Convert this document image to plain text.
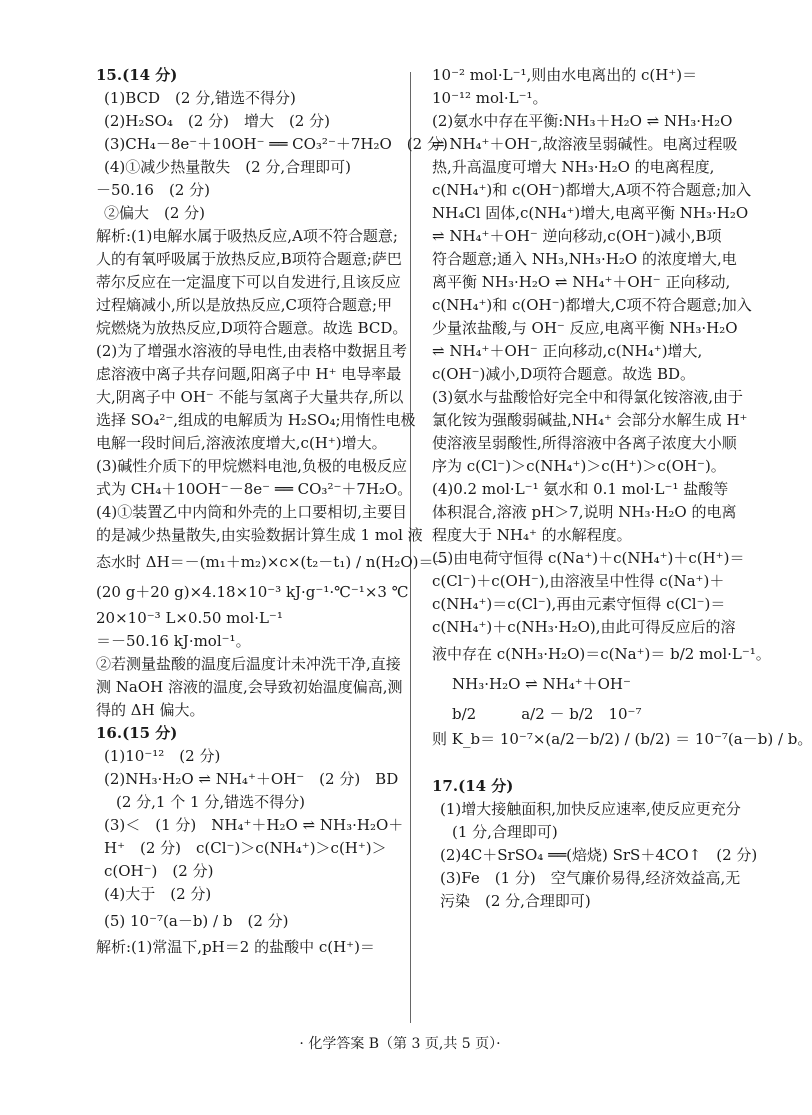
15.(14 分)
(1)BCD　(2 分,错选不得分)
(2)H₂SO₄　(2 分)　增大　(2 分)
(3)CH₄－8e⁻＋10OH⁻ ══ CO₃²⁻＋7H₂O　(2 分)
(4)①减少热量散失　(2 分,合理即可)
－50.16　(2 分)
②偏大　(2 分)
解析:(1)电解水属于吸热反应,A项不符合题意;
人的有氧呼吸属于放热反应,B项符合题意;萨巴
蒂尔反应在一定温度下可以自发进行,且该反应
过程熵减小,所以是放热反应,C项符合题意;甲
烷燃烧为放热反应,D项符合题意。故选 BCD。
(2)为了增强水溶液的导电性,由表格中数据且考
虑溶液中离子共存问题,阳离子中 H⁺ 电导率最
大,阴离子中 OH⁻ 不能与氢离子大量共存,所以
选择 SO₄²⁻,组成的电解质为 H₂SO₄;用惰性电极
电解一段时间后,溶液浓度增大,c(H⁺)增大。
(3)碱性介质下的甲烷燃料电池,负极的电极反应
式为 CH₄＋10OH⁻－8e⁻ ══ CO₃²⁻＋7H₂O。
(4)①装置乙中内筒和外壳的上口要相切,主要目
的是减少热量散失,由实验数据计算生成 1 mol 液
态水时 ΔH＝－(m₁＋m₂)×c×(t₂－t₁) / n(H₂O)＝－
(20 g＋20 g)×4.18×10⁻³ kJ·g⁻¹·℃⁻¹×3 ℃
20×10⁻³ L×0.50 mol·L⁻¹
＝－50.16 kJ·mol⁻¹。
②若测量盐酸的温度后温度计未冲洗干净,直接
测 NaOH 溶液的温度,会导致初始温度偏高,测
得的 ΔH 偏大。
16.(15 分)
(1)10⁻¹²　(2 分)
(2)NH₃·H₂O ⇌ NH₄⁺＋OH⁻　(2 分)　BD
(2 分,1 个 1 分,错选不得分)
(3)＜　(1 分)　NH₄⁺＋H₂O ⇌ NH₃·H₂O＋
H⁺　(2 分)　c(Cl⁻)＞c(NH₄⁺)＞c(H⁺)＞
c(OH⁻)　(2 分)
(4)大于　(2 分)
(5) 10⁻⁷(a－b) / b　(2 分)
解析:(1)常温下,pH＝2 的盐酸中 c(H⁺)＝
10⁻² mol·L⁻¹,则由水电离出的 c(H⁺)＝
10⁻¹² mol·L⁻¹。
(2)氨水中存在平衡:NH₃＋H₂O ⇌ NH₃·H₂O
⇌ NH₄⁺＋OH⁻,故溶液呈弱碱性。电离过程吸
热,升高温度可增大 NH₃·H₂O 的电离程度,
c(NH₄⁺)和 c(OH⁻)都增大,A项不符合题意;加入
NH₄Cl 固体,c(NH₄⁺)增大,电离平衡 NH₃·H₂O
⇌ NH₄⁺＋OH⁻ 逆向移动,c(OH⁻)减小,B项
符合题意;通入 NH₃,NH₃·H₂O 的浓度增大,电
离平衡 NH₃·H₂O ⇌ NH₄⁺＋OH⁻ 正向移动,
c(NH₄⁺)和 c(OH⁻)都增大,C项不符合题意;加入
少量浓盐酸,与 OH⁻ 反应,电离平衡 NH₃·H₂O
⇌ NH₄⁺＋OH⁻ 正向移动,c(NH₄⁺)增大,
c(OH⁻)减小,D项符合题意。故选 BD。
(3)氨水与盐酸恰好完全中和得氯化铵溶液,由于
氯化铵为强酸弱碱盐,NH₄⁺ 会部分水解生成 H⁺
使溶液呈弱酸性,所得溶液中各离子浓度大小顺
序为 c(Cl⁻)＞c(NH₄⁺)＞c(H⁺)＞c(OH⁻)。
(4)0.2 mol·L⁻¹ 氨水和 0.1 mol·L⁻¹ 盐酸等
体积混合,溶液 pH＞7,说明 NH₃·H₂O 的电离
程度大于 NH₄⁺ 的水解程度。
(5)由电荷守恒得 c(Na⁺)＋c(NH₄⁺)＋c(H⁺)＝
c(Cl⁻)＋c(OH⁻),由溶液呈中性得 c(Na⁺)＋
c(NH₄⁺)＝c(Cl⁻),再由元素守恒得 c(Cl⁻)＝
c(NH₄⁺)＋c(NH₃·H₂O),由此可得反应后的溶
液中存在 c(NH₃·H₂O)＝c(Na⁺)＝ b/2 mol·L⁻¹。
NH₃·H₂O ⇌ NH₄⁺＋OH⁻
b/2　　　a/2 － b/2　10⁻⁷
则 K_b＝ 10⁻⁷×(a/2－b/2) / (b/2) ＝ 10⁻⁷(a－b) / b。
17.(14 分)
(1)增大接触面积,加快反应速率,使反应更充分
(1 分,合理即可)
(2)4C＋SrSO₄ ══(焙烧) SrS＋4CO↑　(2 分)
(3)Fe　(1 分)　空气廉价易得,经济效益高,无
污染　(2 分,合理即可)
· 化学答案 B（第 3 页,共 5 页）·
